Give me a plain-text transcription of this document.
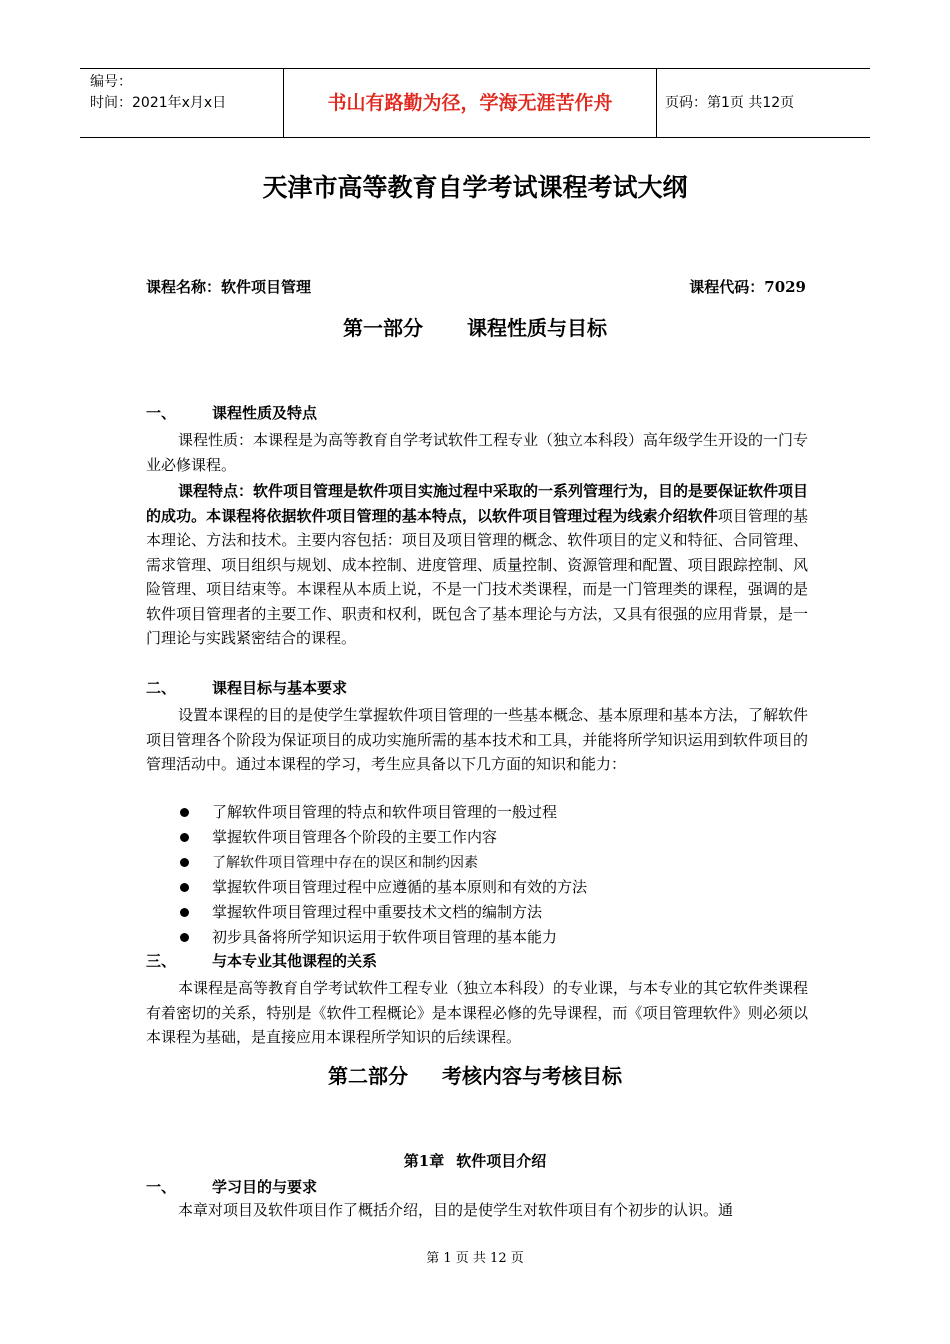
编号：
时间：2021年x月x日	书山有路勤为径，学海无涯苦作舟	页码：第1页 共12页
天津市高等教育自学考试课程考试大纲
课程名称：软件项目管理	课程代码：7029
第一部分 课程性质与目标
一、 课程性质及特点

课程性质：本课程是为高等教育自学考试软件工程专业（独立本科段）高年级学生开设的一门专业必修课程。

课程特点：软件项目管理是软件项目实施过程中采取的一系列管理行为，目的是要保证软件项目的成功。本课程将依据软件项目管理的基本特点，以软件项目管理过程为线索介绍软件项目管理的基本理论、方法和技术。主要内容包括：项目及项目管理的概念、软件项目的定义和特征、合同管理、需求管理、项目组织与规划、成本控制、进度管理、质量控制、资源管理和配置、项目跟踪控制、风险管理、项目结束等。本课程从本质上说，不是一门技术类课程，而是一门管理类的课程，强调的是软件项目管理者的主要工作、职责和权利，既包含了基本理论与方法，又具有很强的应用背景，是一门理论与实践紧密结合的课程。

二、 课程目标与基本要求

设置本课程的目的是使学生掌握软件项目管理的一些基本概念、基本原理和基本方法，了解软件项目管理各个阶段为保证项目的成功实施所需的基本技术和工具，并能将所学知识运用到软件项目的管理活动中。通过本课程的学习，考生应具备以下几方面的知识和能力：

了解软件项目管理的特点和软件项目管理的一般过程
掌握软件项目管理各个阶段的主要工作内容
了解软件项目管理中存在的误区和制约因素
掌握软件项目管理过程中应遵循的基本原则和有效的方法
掌握软件项目管理过程中重要技术文档的编制方法
初步具备将所学知识运用于软件项目管理的基本能力
三、 与本专业其他课程的关系

本课程是高等教育自学考试软件工程专业（独立本科段）的专业课，与本专业的其它软件类课程有着密切的关系，特别是《软件工程概论》是本课程必修的先导课程，而《项目管理软件》则必须以本课程为基础，是直接应用本课程所学知识的后续课程。

第二部分 考核内容与考核目标
第1章 软件项目介绍
一、 学习目的与要求

本章对项目及软件项目作了概括介绍，目的是使学生对软件项目有个初步的认识。通

第 1 页 共 12 页
